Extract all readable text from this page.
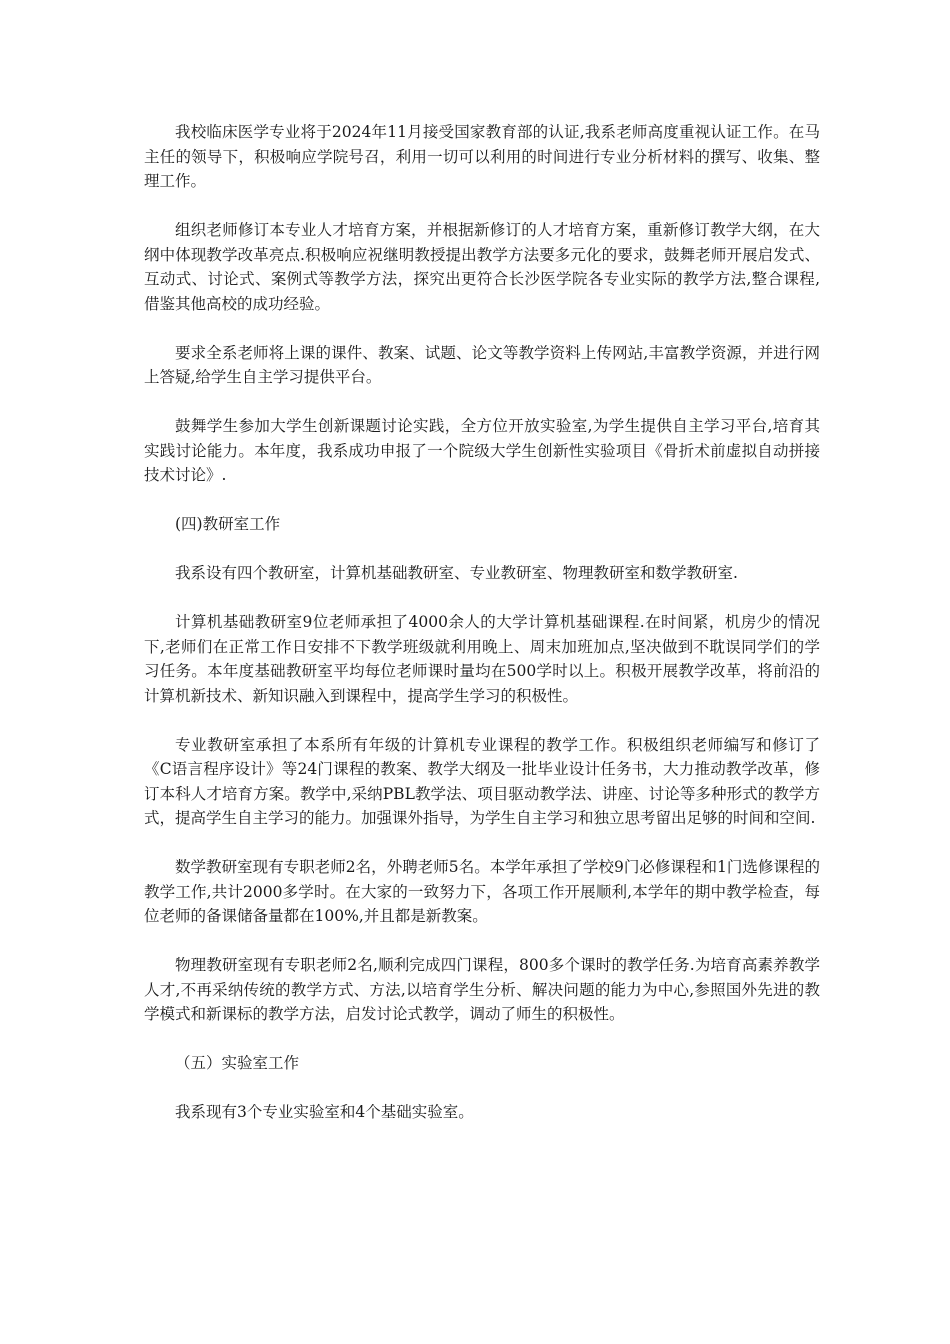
我校临床医学专业将于2024年11月接受国家教育部的认证,我系老师高度重视认证工作。在马主任的领导下，积极响应学院号召，利用一切可以利用的时间进行专业分析材料的撰写、收集、整理工作。

组织老师修订本专业人才培育方案，并根据新修订的人才培育方案，重新修订教学大纲，在大纲中体现教学改革亮点.积极响应祝继明教授提出教学方法要多元化的要求，鼓舞老师开展启发式、互动式、讨论式、案例式等教学方法，探究出更符合长沙医学院各专业实际的教学方法,整合课程,借鉴其他高校的成功经验。

要求全系老师将上课的课件、教案、试题、论文等教学资料上传网站,丰富教学资源，并进行网上答疑,给学生自主学习提供平台。

鼓舞学生参加大学生创新课题讨论实践，全方位开放实验室,为学生提供自主学习平台,培育其实践讨论能力。本年度，我系成功申报了一个院级大学生创新性实验项目《骨折术前虚拟自动拼接技术讨论》.

(四)教研室工作

我系设有四个教研室，计算机基础教研室、专业教研室、物理教研室和数学教研室.

计算机基础教研室9位老师承担了4000余人的大学计算机基础课程.在时间紧，机房少的情况下,老师们在正常工作日安排不下教学班级就利用晚上、周末加班加点,坚决做到不耽误同学们的学习任务。本年度基础教研室平均每位老师课时量均在500学时以上。积极开展教学改革，将前沿的计算机新技术、新知识融入到课程中，提高学生学习的积极性。

专业教研室承担了本系所有年级的计算机专业课程的教学工作。积极组织老师编写和修订了《C语言程序设计》等24门课程的教案、教学大纲及一批毕业设计任务书，大力推动教学改革，修订本科人才培育方案。教学中,采纳PBL教学法、项目驱动教学法、讲座、讨论等多种形式的教学方式，提高学生自主学习的能力。加强课外指导，为学生自主学习和独立思考留出足够的时间和空间.

数学教研室现有专职老师2名，外聘老师5名。本学年承担了学校9门必修课程和1门选修课程的教学工作,共计2000多学时。在大家的一致努力下，各项工作开展顺利,本学年的期中教学检查，每位老师的备课储备量都在100%,并且都是新教案。

物理教研室现有专职老师2名,顺利完成四门课程，800多个课时的教学任务.为培育高素养教学人才,不再采纳传统的教学方式、方法,以培育学生分析、解决问题的能力为中心,参照国外先进的教学模式和新课标的教学方法，启发讨论式教学，调动了师生的积极性。

（五）实验室工作

我系现有3个专业实验室和4个基础实验室。
